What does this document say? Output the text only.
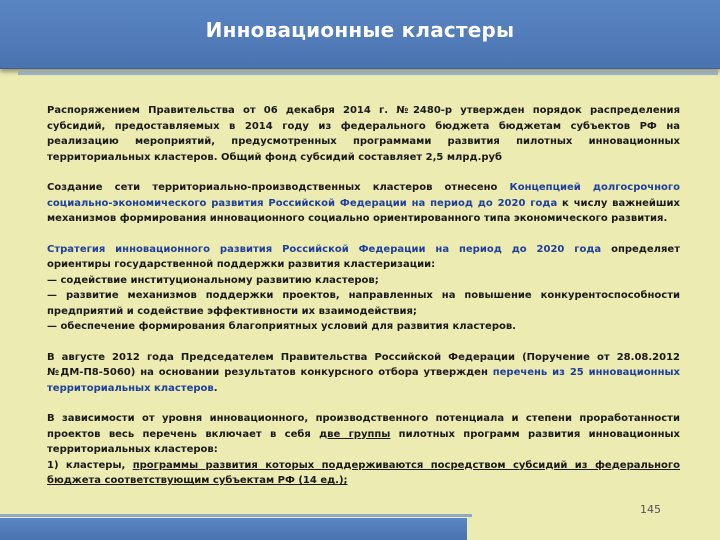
Инновационные кластеры

Распоряжением Правительства от 06 декабря 2014 г. №2480-р утвержден порядок распределения субсидий, предоставляемых в 2014 году из федерального бюджета бюджетам субъектов РФ на реализацию мероприятий, предусмотренных программами развития пилотных инновационных территориальных кластеров. Общий фонд субсидий составляет 2,5 млрд.руб

Создание сети территориально-производственных кластеров отнесено Концепцией долгосрочного социально-экономического развития Российской Федерации на период до 2020 года к числу важнейших механизмов формирования инновационного социально ориентированного типа экономического развития.

Стратегия инновационного развития Российской Федерации на период до 2020 года определяет ориентиры государственной поддержки развития кластеризации:

— содействие институциональному развитию кластеров;

— развитие механизмов поддержки проектов, направленных на повышение конкурентоспособности предприятий и содействие эффективности их взаимодействия;

— обеспечение формирования благоприятных условий для развития кластеров.

В августе 2012 года Председателем Правительства Российской Федерации (Поручение от 28.08.2012 №ДМ-П8-5060) на основании результатов конкурсного отбора утвержден перечень из 25 инновационных территориальных кластеров.

В зависимости от уровня инновационного, производственного потенциала и степени проработанности проектов весь перечень включает в себя две группы пилотных программ развития инновационных территориальных кластеров:

1) кластеры, программы развития которых поддерживаются посредством субсидий из федерального бюджета соответствующим субъектам РФ (14 ед.);

145
